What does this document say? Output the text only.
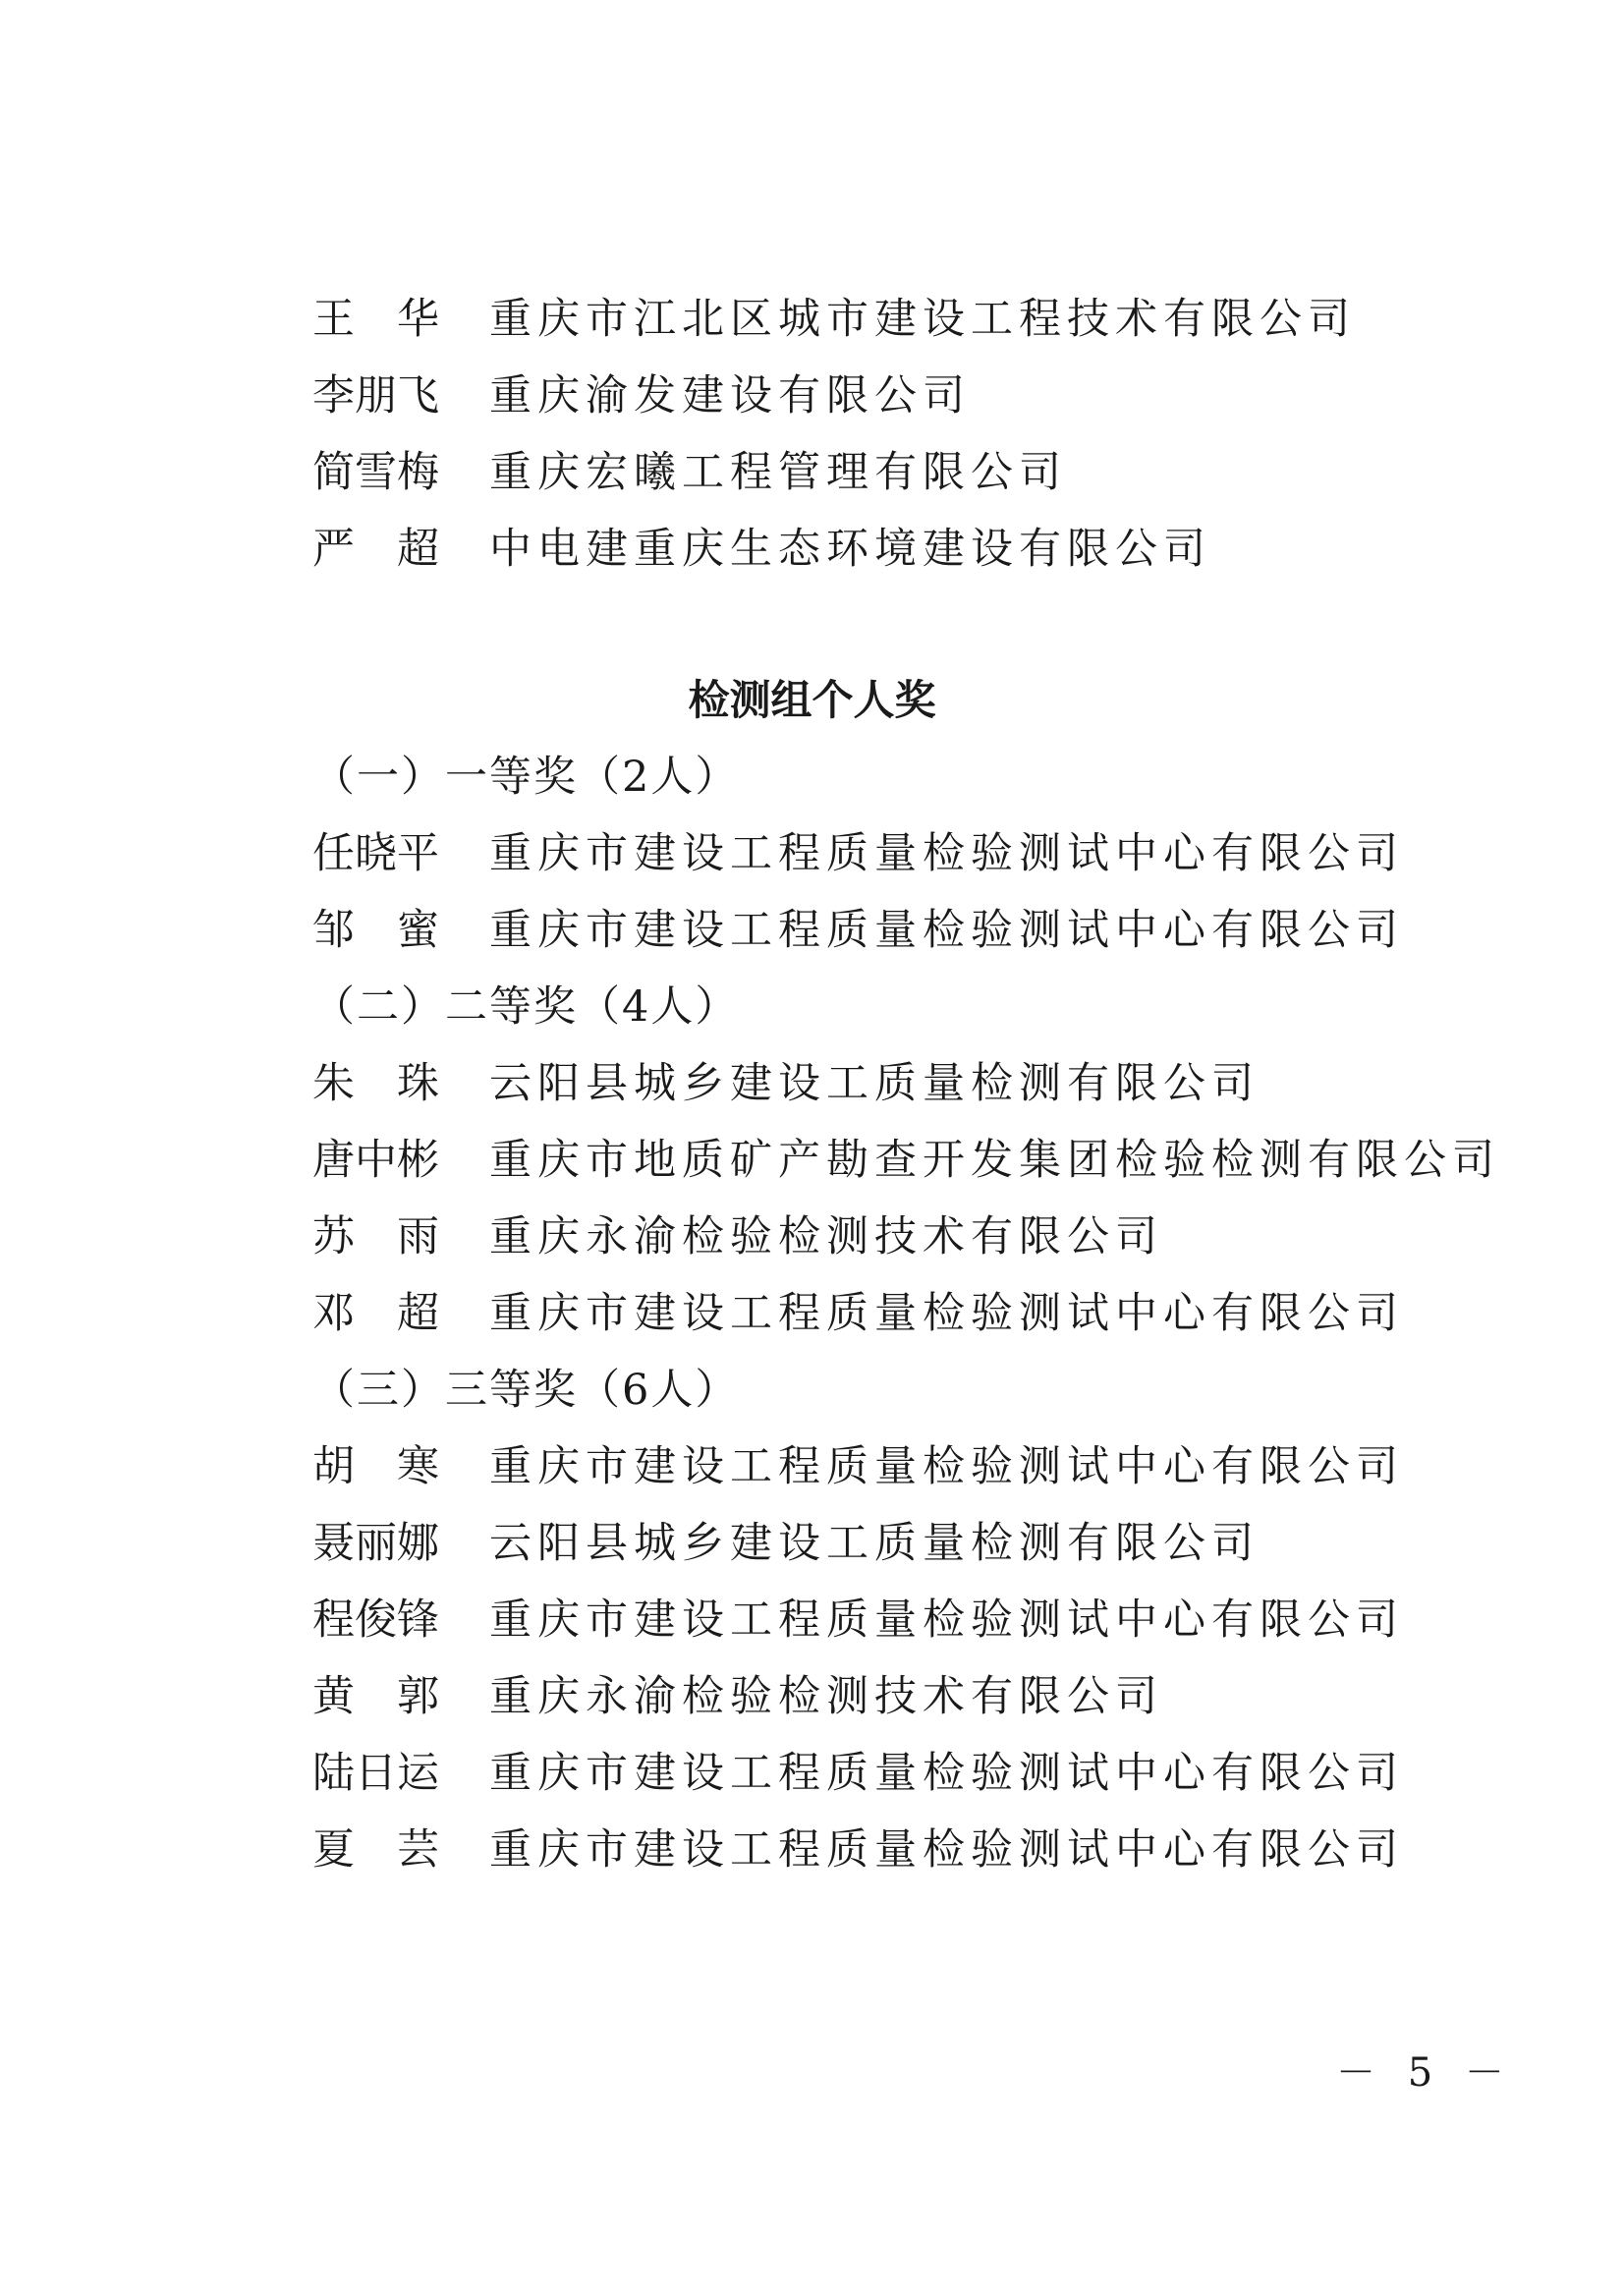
王　华	重庆市江北区城市建设工程技术有限公司
李朋飞	重庆渝发建设有限公司
简雪梅	重庆宏曦工程管理有限公司
严　超	中电建重庆生态环境建设有限公司
检测组个人奖
（一）一等奖（2人）
任晓平	重庆市建设工程质量检验测试中心有限公司
邹　蜜	重庆市建设工程质量检验测试中心有限公司
（二）二等奖（4人）
朱　珠	云阳县城乡建设工质量检测有限公司
唐中彬	重庆市地质矿产勘查开发集团检验检测有限公司
苏　雨	重庆永渝检验检测技术有限公司
邓　超	重庆市建设工程质量检验测试中心有限公司
（三）三等奖（6人）
胡　寒	重庆市建设工程质量检验测试中心有限公司
聂丽娜	云阳县城乡建设工质量检测有限公司
程俊锋	重庆市建设工程质量检验测试中心有限公司
黄　郭	重庆永渝检验检测技术有限公司
陆日运	重庆市建设工程质量检验测试中心有限公司
夏　芸	重庆市建设工程质量检验测试中心有限公司
－ 5 －
